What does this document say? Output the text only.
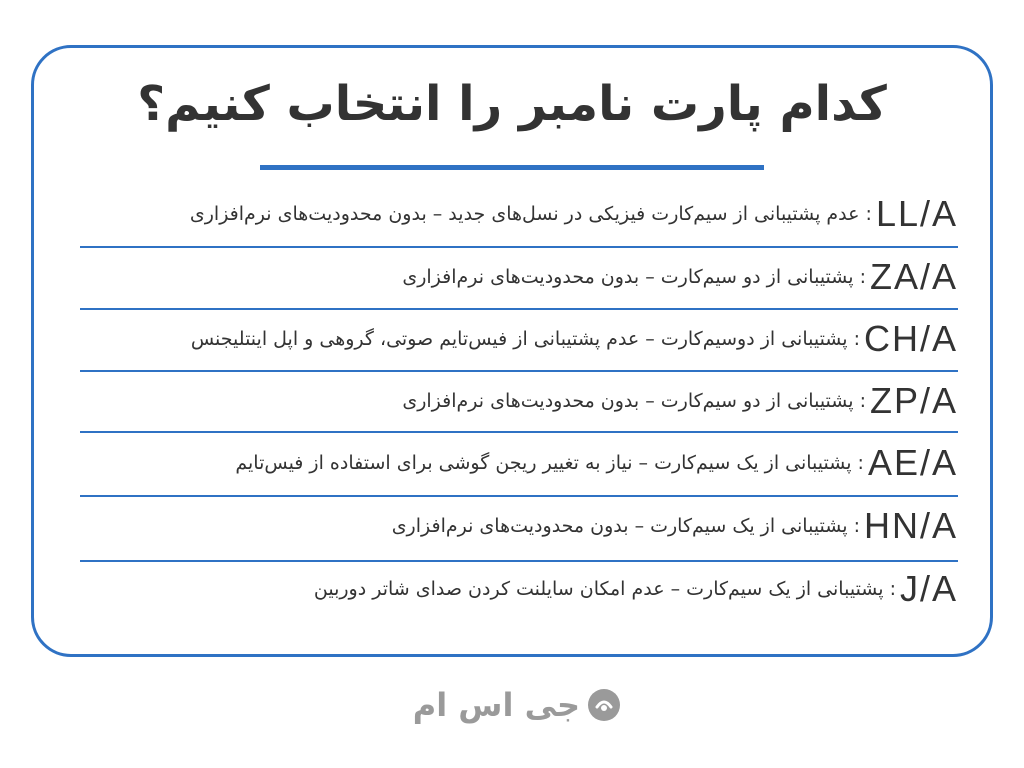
کدام پارت نامبر را انتخاب کنیم؟
LL/A
: عدم پشتیبانی از سیم‌کارت فیزیکی در نسل‌های جدید – بدون محدودیت‌های نرم‌افزاری
ZA/A
: پشتیبانی از دو سیم‌کارت – بدون محدودیت‌های نرم‌افزاری
CH/A
: پشتیبانی از دوسیم‌کارت – عدم پشتیبانی از فیس‌تایم صوتی، گروهی و اپل اینتلیجنس
ZP/A
: پشتیبانی از دو سیم‌کارت – بدون محدودیت‌های نرم‌افزاری
AE/A
: پشتیبانی از یک سیم‌کارت – نیاز به تغییر ریجن گوشی برای استفاده از فیس‌تایم
HN/A
: پشتیبانی از یک سیم‌کارت – بدون محدودیت‌های نرم‌افزاری
J/A
: پشتیبانی از یک سیم‌کارت – عدم امکان سایلنت کردن صدای شاتر دوربین
جی اس ام
